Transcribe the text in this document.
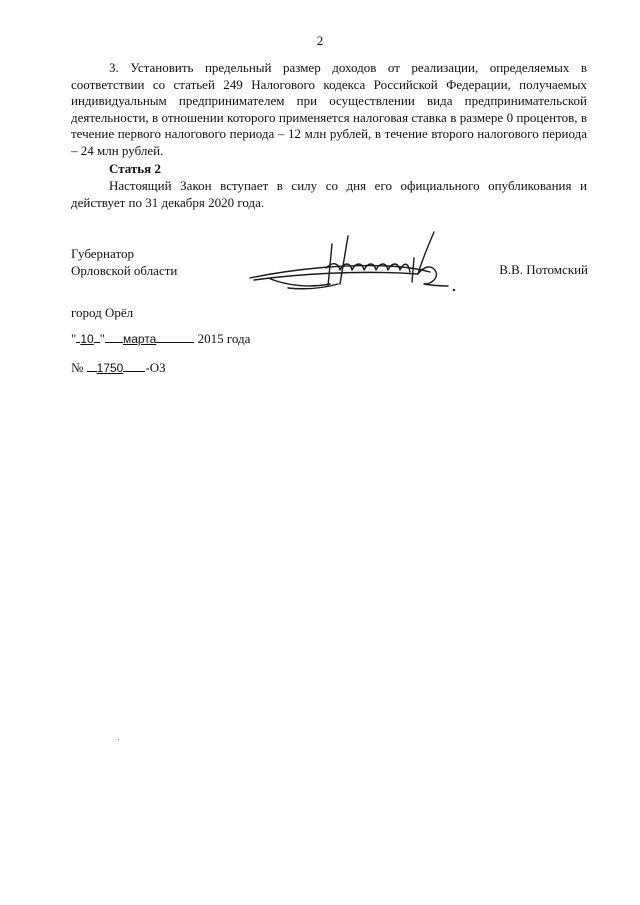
2

3. Установить предельный размер доходов от реализации, определяемых в соответствии со статьей 249 Налогового кодекса Российской Федерации, получаемых индивидуальным предпринимателем при осуществлении вида предпринимательской деятельности, в отношении которого применяется налоговая ставка в размере 0 процентов, в течение первого налогового периода – 12 млн рублей, в течение второго налогового периода – 24 млн рублей.

Статья 2

Настоящий Закон вступает в силу со дня его официального опубликования и действует по 31 декабря 2020 года.

Губернатор
Орловской области	В.В. Потомский
город Орёл
" 10 " марта	2015 года
№ 1750 -ОЗ
